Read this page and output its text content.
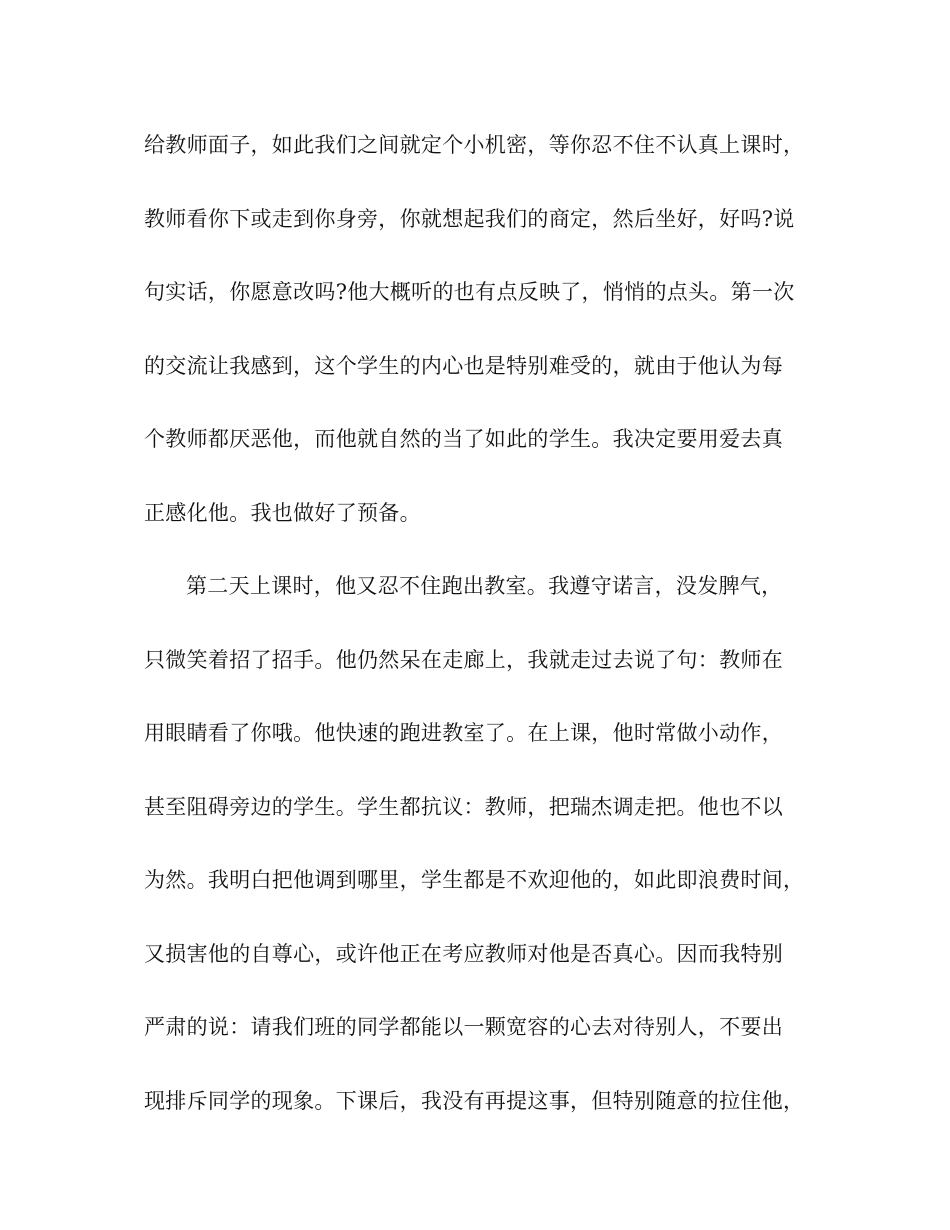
给教师面子，如此我们之间就定个小机密，等你忍不住不认真上课时，
教师看你下或走到你身旁，你就想起我们的商定，然后坐好，好吗?说
句实话，你愿意改吗?他大概听的也有点反映了，悄悄的点头。第一次
的交流让我感到，这个学生的内心也是特别难受的，就由于他认为每
个教师都厌恶他，而他就自然的当了如此的学生。我决定要用爱去真
正感化他。我也做好了预备。
第二天上课时，他又忍不住跑出教室。我遵守诺言，没发脾气，
只微笑着招了招手。他仍然呆在走廊上，我就走过去说了句：教师在
用眼睛看了你哦。他快速的跑进教室了。在上课，他时常做小动作，
甚至阻碍旁边的学生。学生都抗议：教师，把瑞杰调走把。他也不以
为然。我明白把他调到哪里，学生都是不欢迎他的，如此即浪费时间，
又损害他的自尊心，或许他正在考应教师对他是否真心。因而我特别
严肃的说：请我们班的同学都能以一颗宽容的心去对待别人，不要出
现排斥同学的现象。下课后，我没有再提这事，但特别随意的拉住他，
